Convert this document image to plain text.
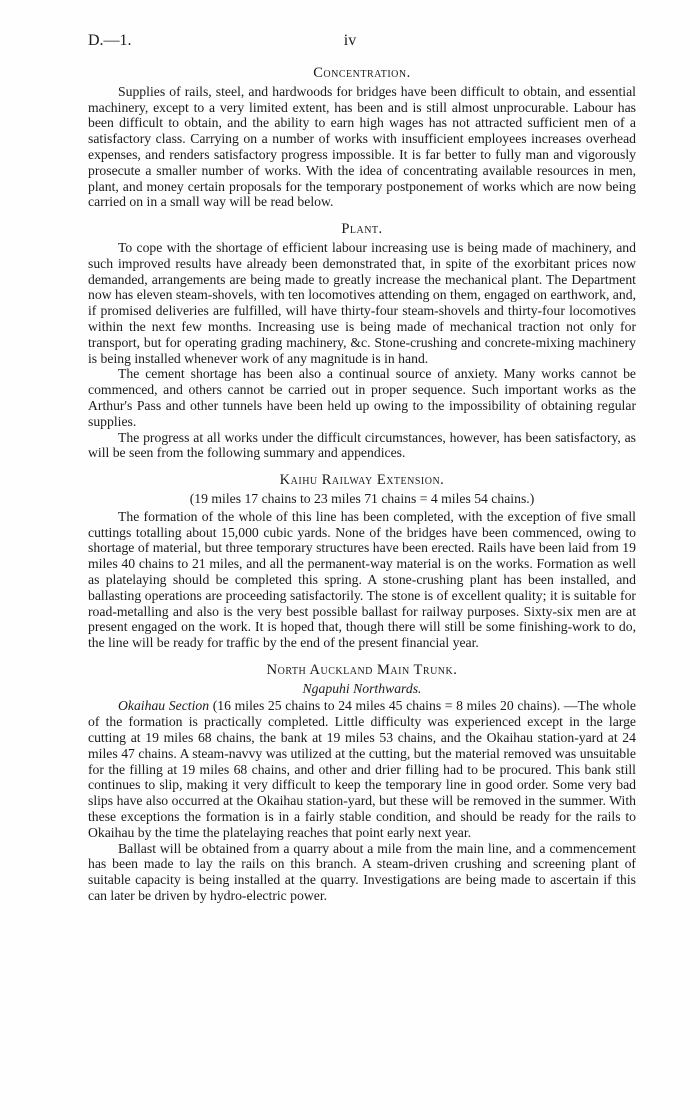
D.—1.	iv
Concentration.

Supplies of rails, steel, and hardwoods for bridges have been difficult to obtain, and essential machinery, except to a very limited extent, has been and is still almost unprocurable. Labour has been difficult to obtain, and the ability to earn high wages has not attracted sufficient men of a satisfactory class. Carrying on a number of works with insufficient employees increases overhead expenses, and renders satisfactory progress impossible. It is far better to fully man and vigorously prosecute a smaller number of works. With the idea of concentrating available resources in men, plant, and money certain proposals for the temporary postponement of works which are now being carried on in a small way will be read below.

Plant.

To cope with the shortage of efficient labour increasing use is being made of machinery, and such improved results have already been demonstrated that, in spite of the exorbitant prices now demanded, arrangements are being made to greatly increase the mechanical plant. The Department now has eleven steam-shovels, with ten locomotives attending on them, engaged on earthwork, and, if promised deliveries are fulfilled, will have thirty-four steam-shovels and thirty-four locomotives within the next few months. Increasing use is being made of mechanical traction not only for transport, but for operating grading machinery, &c. Stone-crushing and concrete-mixing machinery is being installed whenever work of any magnitude is in hand.

The cement shortage has been also a continual source of anxiety. Many works cannot be commenced, and others cannot be carried out in proper sequence. Such important works as the Arthur's Pass and other tunnels have been held up owing to the impossibility of obtaining regular supplies.

The progress at all works under the difficult circumstances, however, has been satisfactory, as will be seen from the following summary and appendices.

Kaihu Railway Extension.
(19 miles 17 chains to 23 miles 71 chains = 4 miles 54 chains.)

The formation of the whole of this line has been completed, with the exception of five small cuttings totalling about 15,000 cubic yards. None of the bridges have been commenced, owing to shortage of material, but three temporary structures have been erected. Rails have been laid from 19 miles 40 chains to 21 miles, and all the permanent-way material is on the works. Formation as well as platelaying should be completed this spring. A stone-crushing plant has been installed, and ballasting operations are proceeding satisfactorily. The stone is of excellent quality; it is suitable for road-metalling and also is the very best possible ballast for railway purposes. Sixty-six men are at present engaged on the work. It is hoped that, though there will still be some finishing-work to do, the line will be ready for traffic by the end of the present financial year.

North Auckland Main Trunk.
Ngapuhi Northwards.

Okaihau Section (16 miles 25 chains to 24 miles 45 chains = 8 miles 20 chains). —The whole of the formation is practically completed. Little difficulty was experienced except in the large cutting at 19 miles 68 chains, the bank at 19 miles 53 chains, and the Okaihau station-yard at 24 miles 47 chains. A steam-navvy was utilized at the cutting, but the material removed was unsuitable for the filling at 19 miles 68 chains, and other and drier filling had to be procured. This bank still continues to slip, making it very difficult to keep the temporary line in good order. Some very bad slips have also occurred at the Okaihau station-yard, but these will be removed in the summer. With these exceptions the formation is in a fairly stable condition, and should be ready for the rails to Okaihau by the time the platelaying reaches that point early next year.

Ballast will be obtained from a quarry about a mile from the main line, and a commencement has been made to lay the rails on this branch. A steam-driven crushing and screening plant of suitable capacity is being installed at the quarry. Investigations are being made to ascertain if this can later be driven by hydro-electric power.
